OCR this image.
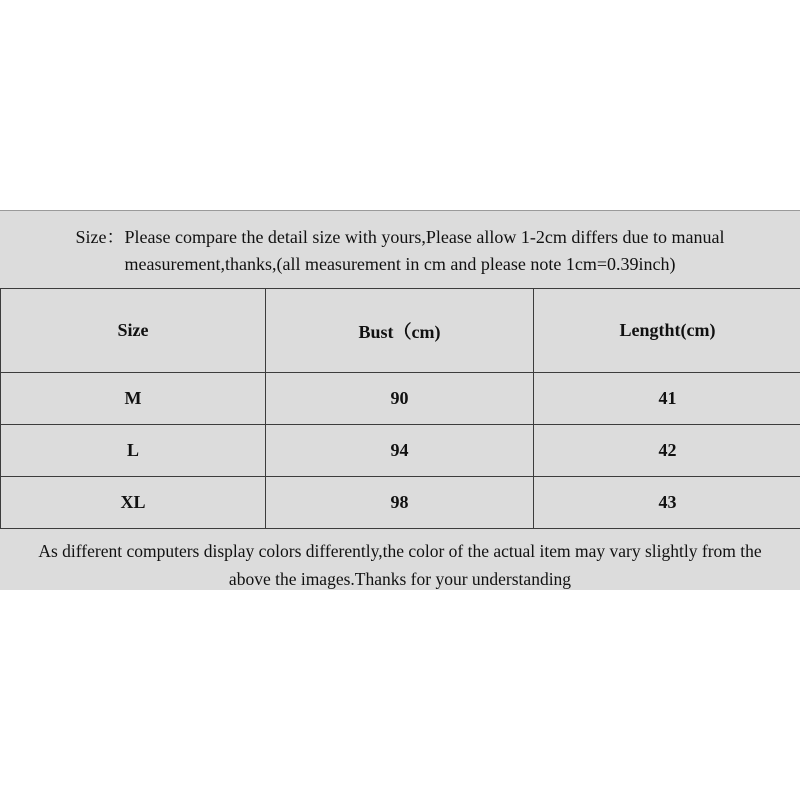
Size：Please compare the detail size with yours,Please allow 1-2cm differs due to manual
measurement,thanks,(all measurement in cm and please note 1cm=0.39inch)
Size	Bust（cm)	Lengtht(cm)
M	90	41
L	94	42
XL	98	43
As different computers display colors differently,the color of the actual item may vary slightly from the
above the images.Thanks for your understanding
